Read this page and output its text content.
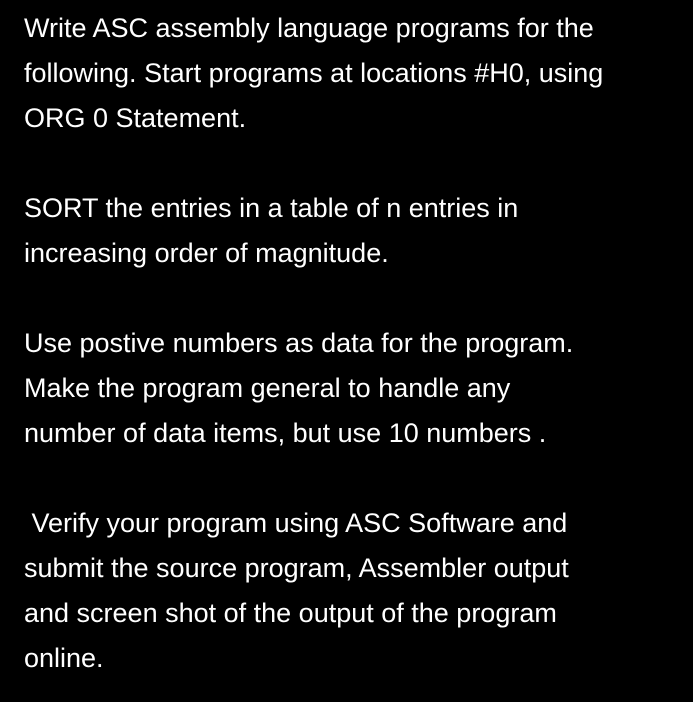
Write ASC assembly language programs for the
following. Start programs at locations #H0, using
ORG 0 Statement.
SORT the entries in a table of n entries in
increasing order of magnitude.
Use postive numbers as data for the program.
Make the program general to handle any
number of data items, but use 10 numbers .
Verify your program using ASC Software and
submit the source program, Assembler output
and screen shot of the output of the program
online.
